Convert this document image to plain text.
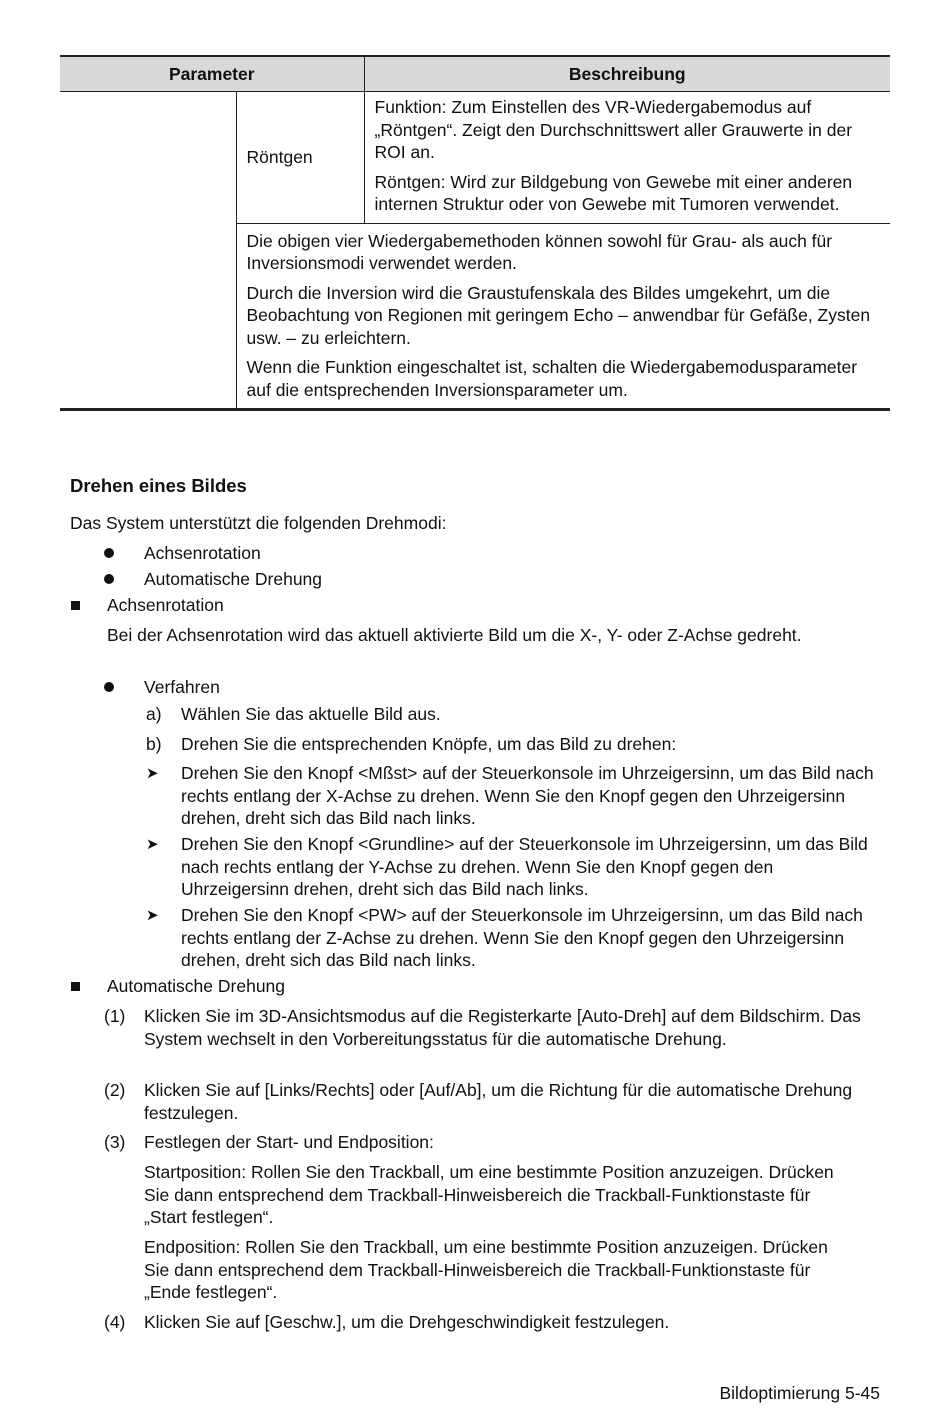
Parameter		Beschreibung
	Röntgen	Funktion: Zum Einstellen des VR-Wiedergabemodus auf „Röntgen“. Zeigt den Durchschnittswert aller Grauwerte in der ROI an.

Röntgen: Wird zur Bildgebung von Gewebe mit einer anderen internen Struktur oder von Gewebe mit Tumoren verwendet.

	Die obigen vier Wiedergabemethoden können sowohl für Grau- als auch für Inversionsmodi verwendet werden.

Durch die Inversion wird die Graustufenskala des Bildes umgekehrt, um die Beobachtung von Regionen mit geringem Echo – anwendbar für Gefäße, Zysten usw. – zu erleichtern.

Wenn die Funktion eingeschaltet ist, schalten die Wiedergabemodusparameter auf die entsprechenden Inversionsparameter um.	

Drehen eines Bildes
Das System unterstützt die folgenden Drehmodi:
Achsenrotation
Automatische Drehung
Achsenrotation
Bei der Achsenrotation wird das aktuell aktivierte Bild um die X-, Y- oder Z-Achse gedreht.
Verfahren
a) Wählen Sie das aktuelle Bild aus.
b) Drehen Sie die entsprechenden Knöpfe, um das Bild zu drehen:
➤ Drehen Sie den Knopf <Mßst> auf der Steuerkonsole im Uhrzeigersinn, um das Bild nach rechts entlang der X-Achse zu drehen. Wenn Sie den Knopf gegen den Uhrzeigersinn drehen, dreht sich das Bild nach links.
➤ Drehen Sie den Knopf <Grundline> auf der Steuerkonsole im Uhrzeigersinn, um das Bild nach rechts entlang der Y-Achse zu drehen. Wenn Sie den Knopf gegen den Uhrzeigersinn drehen, dreht sich das Bild nach links.
➤ Drehen Sie den Knopf <PW> auf der Steuerkonsole im Uhrzeigersinn, um das Bild nach rechts entlang der Z-Achse zu drehen. Wenn Sie den Knopf gegen den Uhrzeigersinn drehen, dreht sich das Bild nach links.
Automatische Drehung
(1) Klicken Sie im 3D-Ansichtsmodus auf die Registerkarte [Auto-Dreh] auf dem Bildschirm. Das System wechselt in den Vorbereitungsstatus für die automatische Drehung.
(2) Klicken Sie auf [Links/Rechts] oder [Auf/Ab], um die Richtung für die automatische Drehung festzulegen.
(3) Festlegen der Start- und Endposition:
Startposition: Rollen Sie den Trackball, um eine bestimmte Position anzuzeigen. Drücken Sie dann entsprechend dem Trackball-Hinweisbereich die Trackball-Funktionstaste für „Start festlegen“.
Endposition: Rollen Sie den Trackball, um eine bestimmte Position anzuzeigen. Drücken Sie dann entsprechend dem Trackball-Hinweisbereich die Trackball-Funktionstaste für „Ende festlegen“.
(4) Klicken Sie auf [Geschw.], um die Drehgeschwindigkeit festzulegen.
Bildoptimierung 5-45
